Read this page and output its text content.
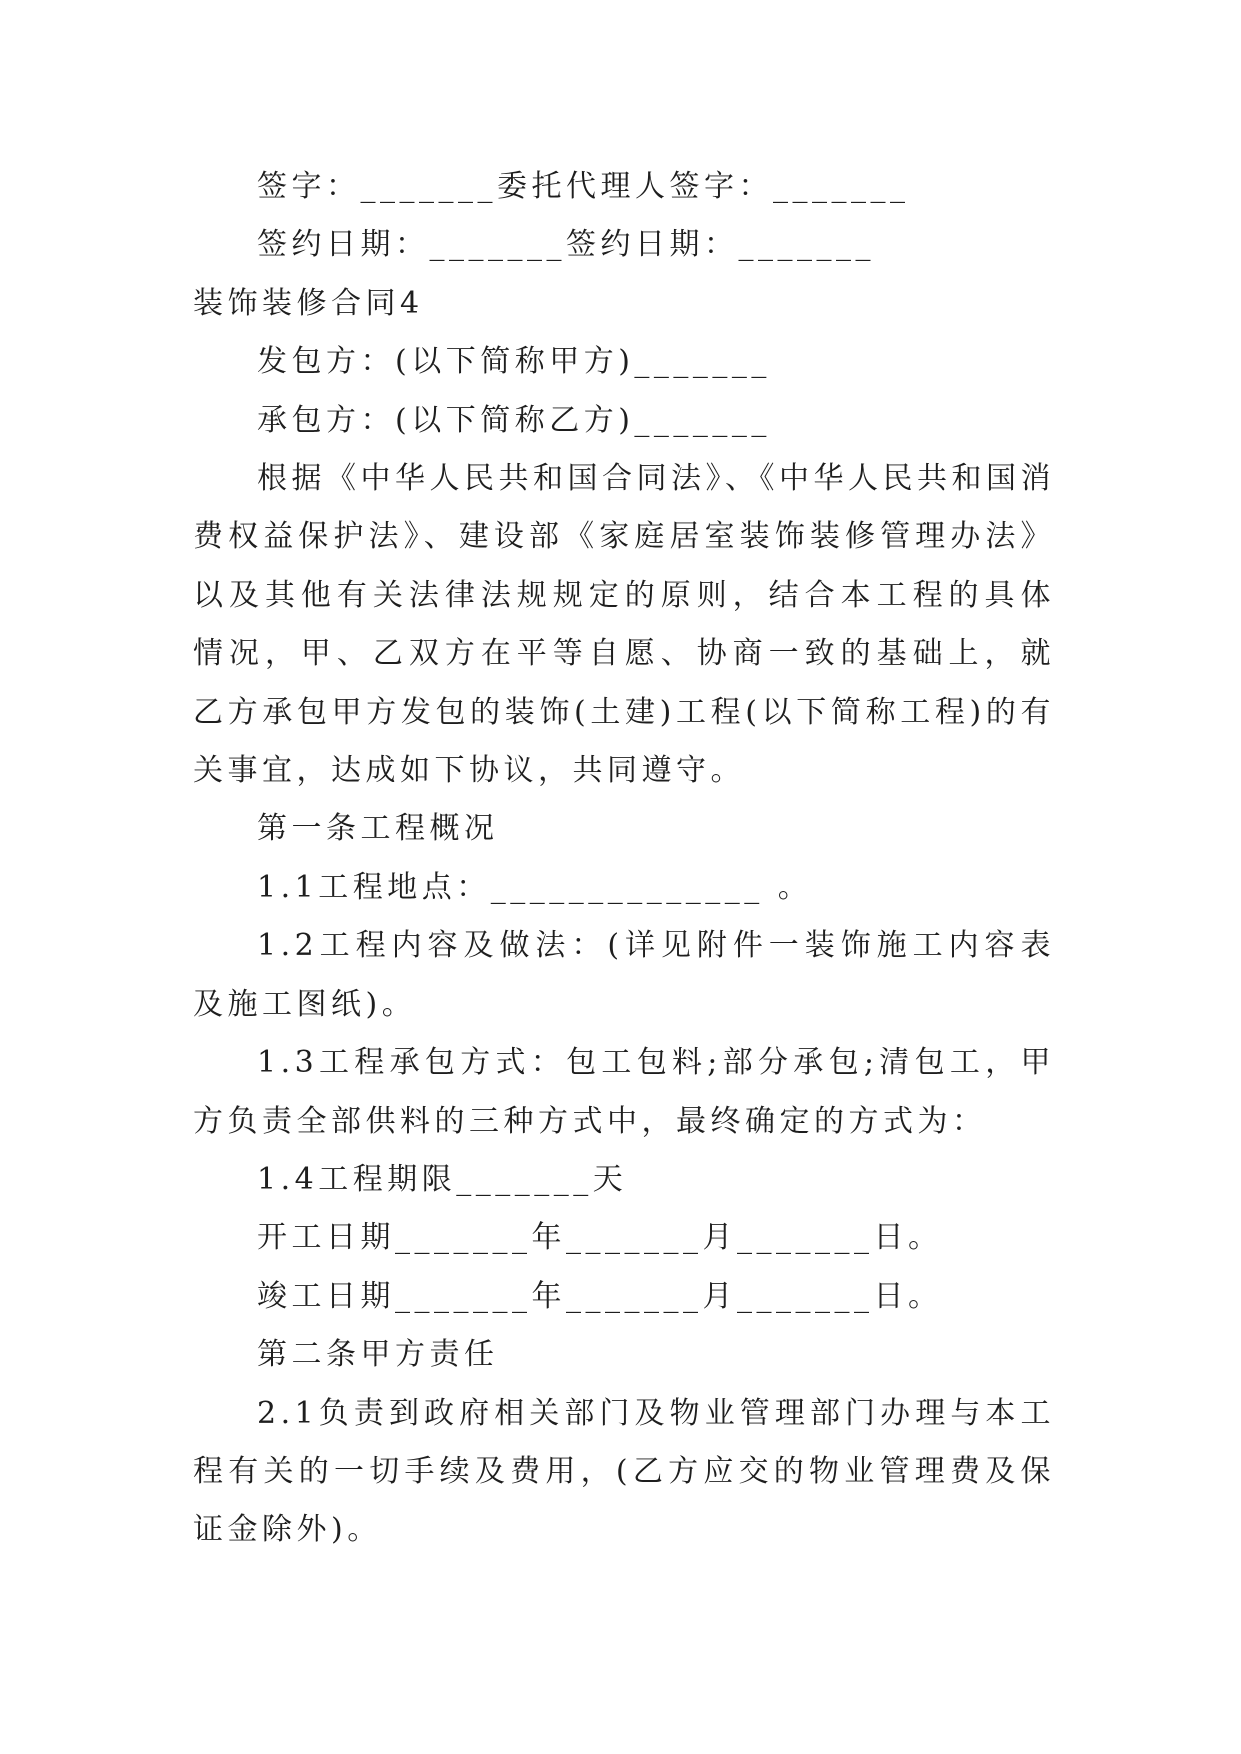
签字：_______委托代理人签字：_______
签约日期：_______签约日期：_______
装饰装修合同4
发包方：(以下简称甲方)_______
承包方：(以下简称乙方)_______
根据《中华人民共和国合同法》、《中华人民共和国消费权益保护法》、建设部《家庭居室装饰装修管理办法》以及其他有关法律法规规定的原则，结合本工程的具体情况，甲、乙双方在平等自愿、协商一致的基础上，就乙方承包甲方发包的装饰(土建)工程(以下简称工程)的有关事宜，达成如下协议，共同遵守。
第一条工程概况
1.1工程地点：______________ 。
1.2工程内容及做法：(详见附件一装饰施工内容表及施工图纸)。
1.3工程承包方式：包工包料;部分承包;清包工，甲方负责全部供料的三种方式中，最终确定的方式为：
1.4工程期限_______天
开工日期_______年_______月_______日。
竣工日期_______年_______月_______日。
第二条甲方责任
2.1负责到政府相关部门及物业管理部门办理与本工程有关的一切手续及费用，(乙方应交的物业管理费及保证金除外)。
